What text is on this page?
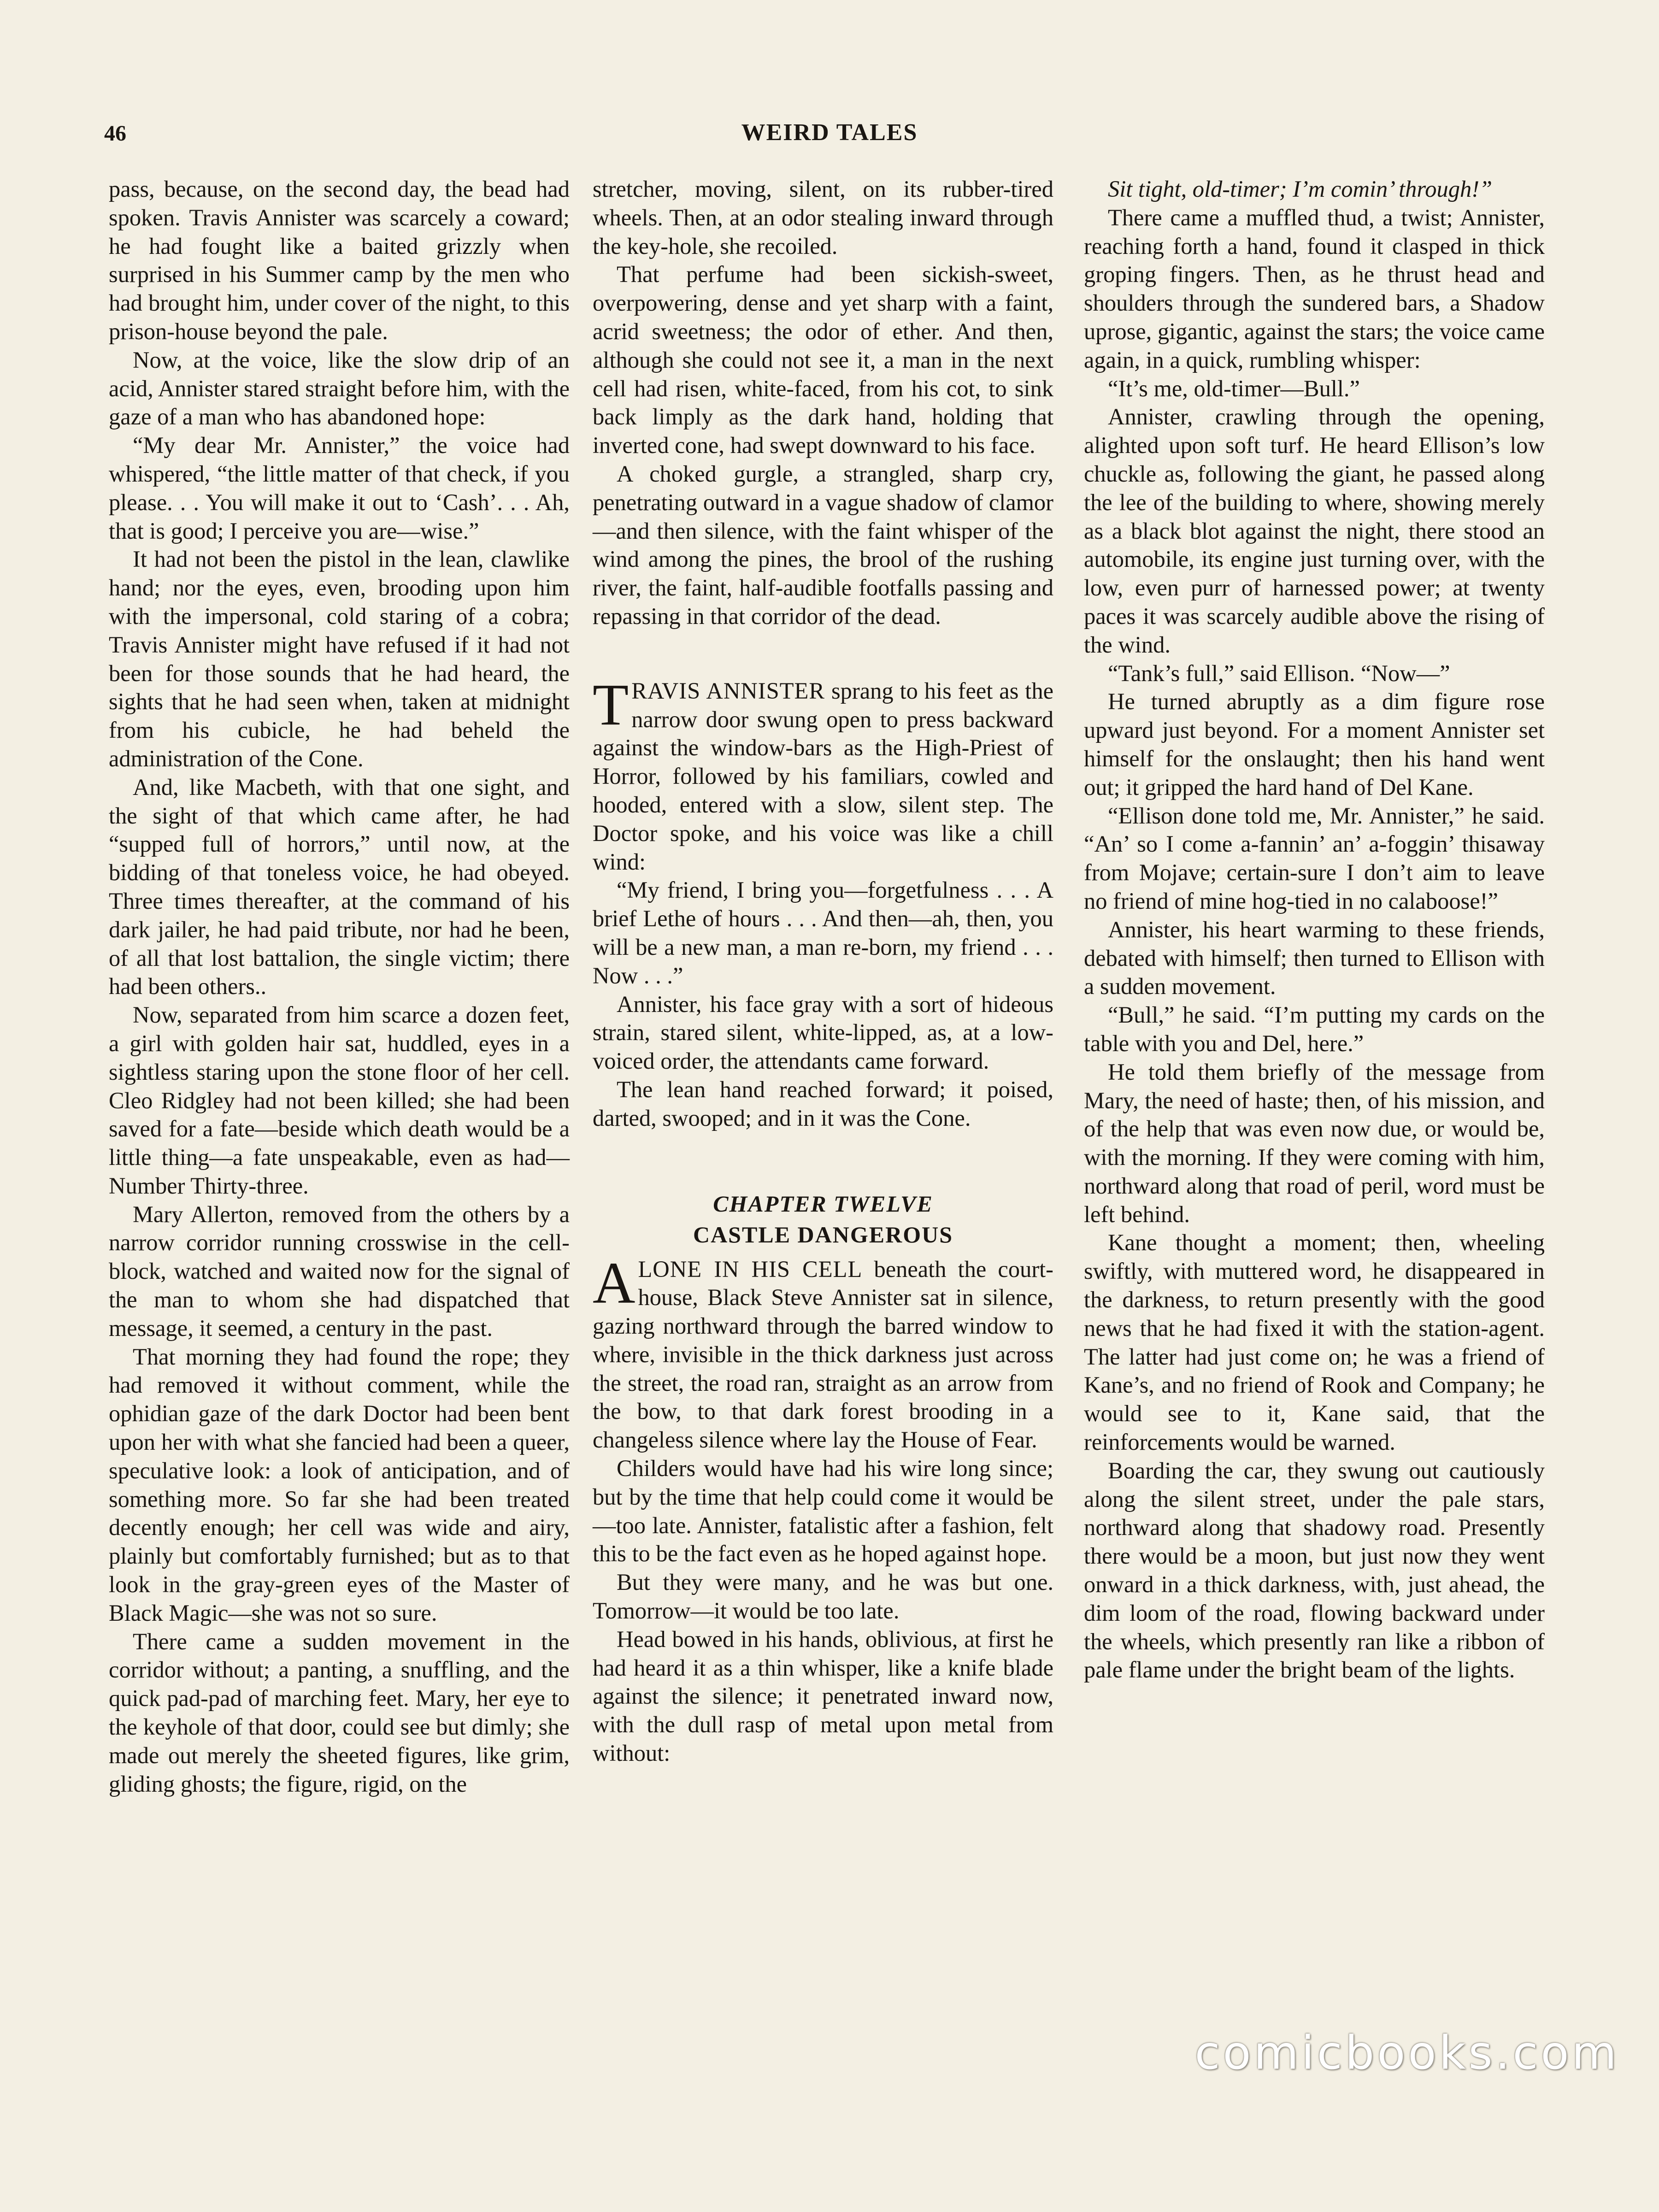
46	WEIRD TALES

pass, because, on the second day, the bead had spoken. Travis Annister was scarcely a coward; he had fought like a baited grizzly when surprised in his Summer camp by the men who had brought him, under cover of the night, to this prison-house beyond the pale.

Now, at the voice, like the slow drip of an acid, Annister stared straight before him, with the gaze of a man who has abandoned hope:

“My dear Mr. Annister,” the voice had whispered, “the little matter of that check, if you please. . . You will make it out to ‘Cash’. . . Ah, that is good; I perceive you are—wise.”

It had not been the pistol in the lean, clawlike hand; nor the eyes, even, brooding upon him with the impersonal, cold staring of a cobra; Travis Annister might have refused if it had not been for those sounds that he had heard, the sights that he had seen when, taken at midnight from his cubicle, he had beheld the administration of the Cone.

And, like Macbeth, with that one sight, and the sight of that which came after, he had “supped full of horrors,” until now, at the bidding of that toneless voice, he had obeyed. Three times thereafter, at the command of his dark jailer, he had paid tribute, nor had he been, of all that lost battalion, the single victim; there had been others..

Now, separated from him scarce a dozen feet, a girl with golden hair sat, huddled, eyes in a sightless staring upon the stone floor of her cell. Cleo Ridgley had not been killed; she had been saved for a fate—beside which death would be a little thing—a fate unspeakable, even as had—Number Thirty-three.

Mary Allerton, removed from the others by a narrow corridor running crosswise in the cell-block, watched and waited now for the signal of the man to whom she had dispatched that message, it seemed, a century in the past.

That morning they had found the rope; they had removed it without comment, while the ophidian gaze of the dark Doctor had been bent upon her with what she fancied had been a queer, speculative look: a look of anticipation, and of something more. So far she had been treated decently enough; her cell was wide and airy, plainly but comfortably furnished; but as to that look in the gray-green eyes of the Master of Black Magic—she was not so sure.

There came a sudden movement in the corridor without; a panting, a snuffling, and the quick pad-pad of marching feet. Mary, her eye to the keyhole of that door, could see but dimly; she made out merely the sheeted figures, like grim, gliding ghosts; the figure, rigid, on the

stretcher, moving, silent, on its rubber-tired wheels. Then, at an odor stealing inward through the key-hole, she recoiled.

That perfume had been sickish-sweet, overpowering, dense and yet sharp with a faint, acrid sweetness; the odor of ether. And then, although she could not see it, a man in the next cell had risen, white-faced, from his cot, to sink back limply as the dark hand, holding that inverted cone, had swept downward to his face.

A choked gurgle, a strangled, sharp cry, penetrating outward in a vague shadow of clamor—and then silence, with the faint whisper of the wind among the pines, the brool of the rushing river, the faint, half-audible footfalls passing and repassing in that corridor of the dead.

TRAVIS ANNISTER sprang to his feet as the narrow door swung open to press backward against the window-bars as the High-Priest of Horror, followed by his familiars, cowled and hooded, entered with a slow, silent step. The Doctor spoke, and his voice was like a chill wind:

“My friend, I bring you—forgetfulness . . . A brief Lethe of hours . . . And then—ah, then, you will be a new man, a man re-born, my friend . . . Now . . .”

Annister, his face gray with a sort of hideous strain, stared silent, white-lipped, as, at a low-voiced order, the attendants came forward.

The lean hand reached forward; it poised, darted, swooped; and in it was the Cone.

CHAPTER TWELVE
CASTLE DANGEROUS

ALONE IN HIS CELL beneath the court-house, Black Steve Annister sat in silence, gazing northward through the barred window to where, invisible in the thick darkness just across the street, the road ran, straight as an arrow from the bow, to that dark forest brooding in a changeless silence where lay the House of Fear.

Childers would have had his wire long since; but by the time that help could come it would be—too late. Annister, fatalistic after a fashion, felt this to be the fact even as he hoped against hope.

But they were many, and he was but one. Tomorrow—it would be too late.

Head bowed in his hands, oblivious, at first he had heard it as a thin whisper, like a knife blade against the silence; it penetrated inward now, with the dull rasp of metal upon metal from without:

Sit tight, old-timer; I’m comin’ through!”

There came a muffled thud, a twist; Annister, reaching forth a hand, found it clasped in thick groping fingers. Then, as he thrust head and shoulders through the sundered bars, a Shadow uprose, gigantic, against the stars; the voice came again, in a quick, rumbling whisper:

“It’s me, old-timer—Bull.”

Annister, crawling through the opening, alighted upon soft turf. He heard Ellison’s low chuckle as, following the giant, he passed along the lee of the building to where, showing merely as a black blot against the night, there stood an automobile, its engine just turning over, with the low, even purr of harnessed power; at twenty paces it was scarcely audible above the rising of the wind.

“Tank’s full,” said Ellison. “Now—”

He turned abruptly as a dim figure rose upward just beyond. For a moment Annister set himself for the onslaught; then his hand went out; it gripped the hard hand of Del Kane.

“Ellison done told me, Mr. Annister,” he said. “An’ so I come a-fannin’ an’ a-foggin’ thisaway from Mojave; certain-sure I don’t aim to leave no friend of mine hog-tied in no calaboose!”

Annister, his heart warming to these friends, debated with himself; then turned to Ellison with a sudden movement.

“Bull,” he said. “I’m putting my cards on the table with you and Del, here.”

He told them briefly of the message from Mary, the need of haste; then, of his mission, and of the help that was even now due, or would be, with the morning. If they were coming with him, northward along that road of peril, word must be left behind.

Kane thought a moment; then, wheeling swiftly, with muttered word, he disappeared in the darkness, to return presently with the good news that he had fixed it with the station-agent. The latter had just come on; he was a friend of Kane’s, and no friend of Rook and Company; he would see to it, Kane said, that the reinforcements would be warned.

Boarding the car, they swung out cautiously along the silent street, under the pale stars, northward along that shadowy road. Presently there would be a moon, but just now they went onward in a thick darkness, with, just ahead, the dim loom of the road, flowing backward under the wheels, which presently ran like a ribbon of pale flame under the bright beam of the lights.

comicbooks.com
